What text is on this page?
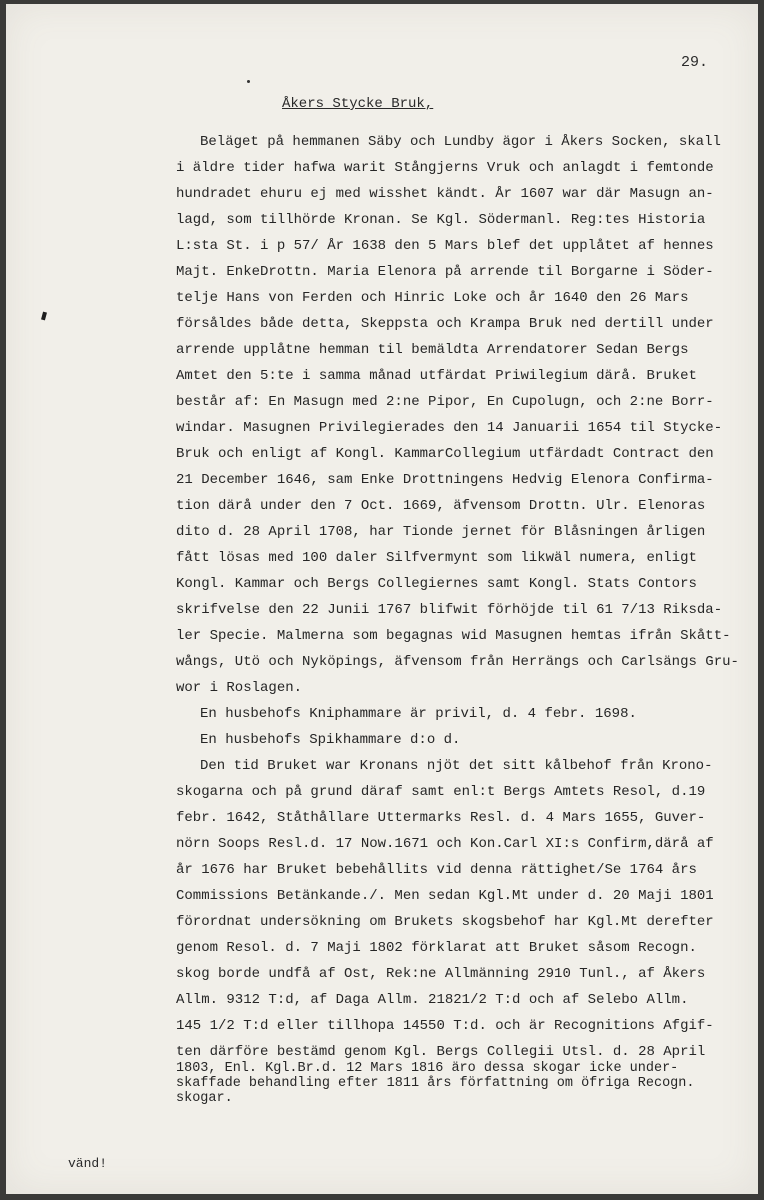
29.
Åkers Stycke Bruk,
Beläget på hemmanen Säby och Lundby ägor i Åkers Socken, skall
i äldre tider hafwa warit Stångjerns Vruk och anlagdt i femtonde
hundradet ehuru ej med wisshet kändt. År 1607 war där Masugn an-
lagd, som tillhörde Kronan. Se Kgl. Södermanl. Reg:tes Historia
L:sta St. i p 57/ År 1638 den 5 Mars blef det upplåtet af hennes
Majt. EnkeDrottn. Maria Elenora på arrende til Borgarne i Söder-
telje Hans von Ferden och Hinric Loke och år 1640 den 26 Mars
försåldes både detta, Skeppsta och Krampa Bruk ned dertill under
arrende upplåtne hemman til bemäldta Arrendatorer Sedan Bergs
Amtet den 5:te i samma månad utfärdat Priwilegium därå. Bruket
består af: En Masugn med 2:ne Pipor, En Cupolugn, och 2:ne Borr-
windar. Masugnen Privilegierades den 14 Januarii 1654 til Stycke-
Bruk och enligt af Kongl. KammarCollegium utfärdadt Contract den
21 December 1646, sam Enke Drottningens Hedvig Elenora Confirma-
tion därå under den 7 Oct. 1669, äfvensom Drottn. Ulr. Elenoras
dito d. 28 April 1708, har Tionde jernet för Blåsningen årligen
fått lösas med 100 daler Silfvermynt som likwäl numera, enligt
Kongl. Kammar och Bergs Collegiernes samt Kongl. Stats Contors
skrifvelse den 22 Junii 1767 blifwit förhöjde til 61 7/13 Riksda-
ler Specie. Malmerna som begagnas wid Masugnen hemtas ifrån Skått-
wångs, Utö och Nyköpings, äfvensom från Herrängs och Carlsängs Gru-
wor i Roslagen.
En husbehofs Kniphammare är privil, d. 4 febr. 1698.
En husbehofs Spikhammare d:o d.
Den tid Bruket war Kronans njöt det sitt kålbehof från Krono-
skogarna och på grund däraf samt enl:t Bergs Amtets Resol, d.19
febr. 1642, Ståthållare Uttermarks Resl. d. 4 Mars 1655, Guver-
nörn Soops Resl.d. 17 Now.1671 och Kon.Carl XI:s Confirm,därå af
år 1676 har Bruket bebehållits vid denna rättighet/Se 1764 års
Commissions Betänkande./. Men sedan Kgl.Mt under d. 20 Maji 1801
förordnat undersökning om Brukets skogsbehof har Kgl.Mt derefter
genom Resol. d. 7 Maji 1802 förklarat att Bruket såsom Recogn.
skog borde undfå af Ost, Rek:ne Allmänning 2910 Tunl., af Åkers
Allm. 9312 T:d, af Daga Allm. 21821/2 T:d och af Selebo Allm.
145 1/2 T:d eller tillhopa 14550 T:d. och är Recognitions Afgif-
ten därföre bestämd genom Kgl. Bergs Collegii Utsl. d. 28 April
1803, Enl. Kgl.Br.d. 12 Mars 1816 äro dessa skogar icke under-
skaffade behandling efter 1811 års författning om öfriga Recogn.
skogar.
vänd!
